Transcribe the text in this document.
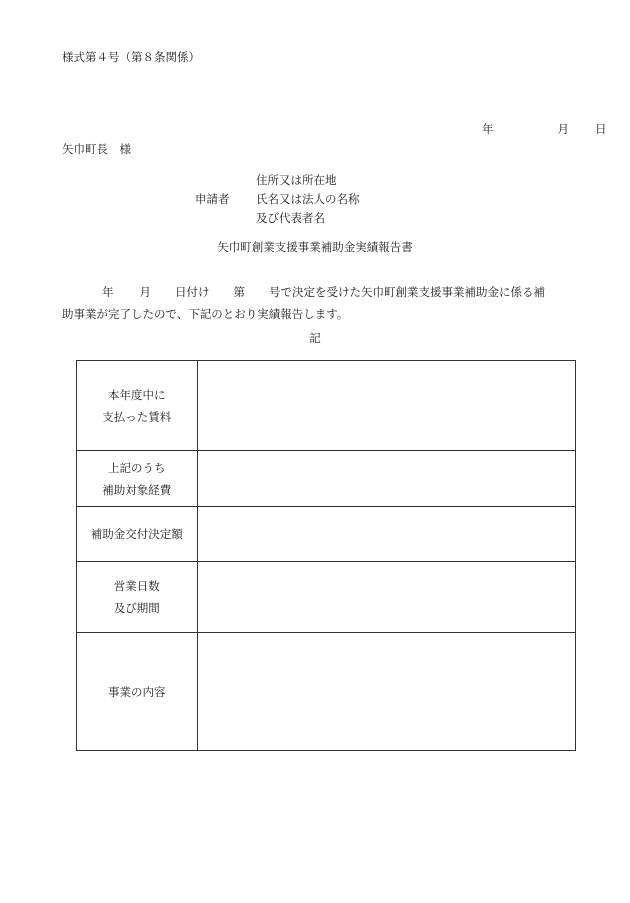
様式第４号（第８条関係）
年	月 日
矢巾町長　様
住所又は所在地
申請者 氏名又は法人の名称
及び代表者名
矢巾町創業支援事業補助金実績報告書
年 月 日付け 第 号で決定を受けた矢巾町創業支援事業補助金に係る補
助事業が完了したので、下記のとおり実績報告します。
記
本年度中に
支払った賃料	

上記のうち
補助対象経費	

補助金交付決定額	

営業日数
及び期間	

事業の内容	
